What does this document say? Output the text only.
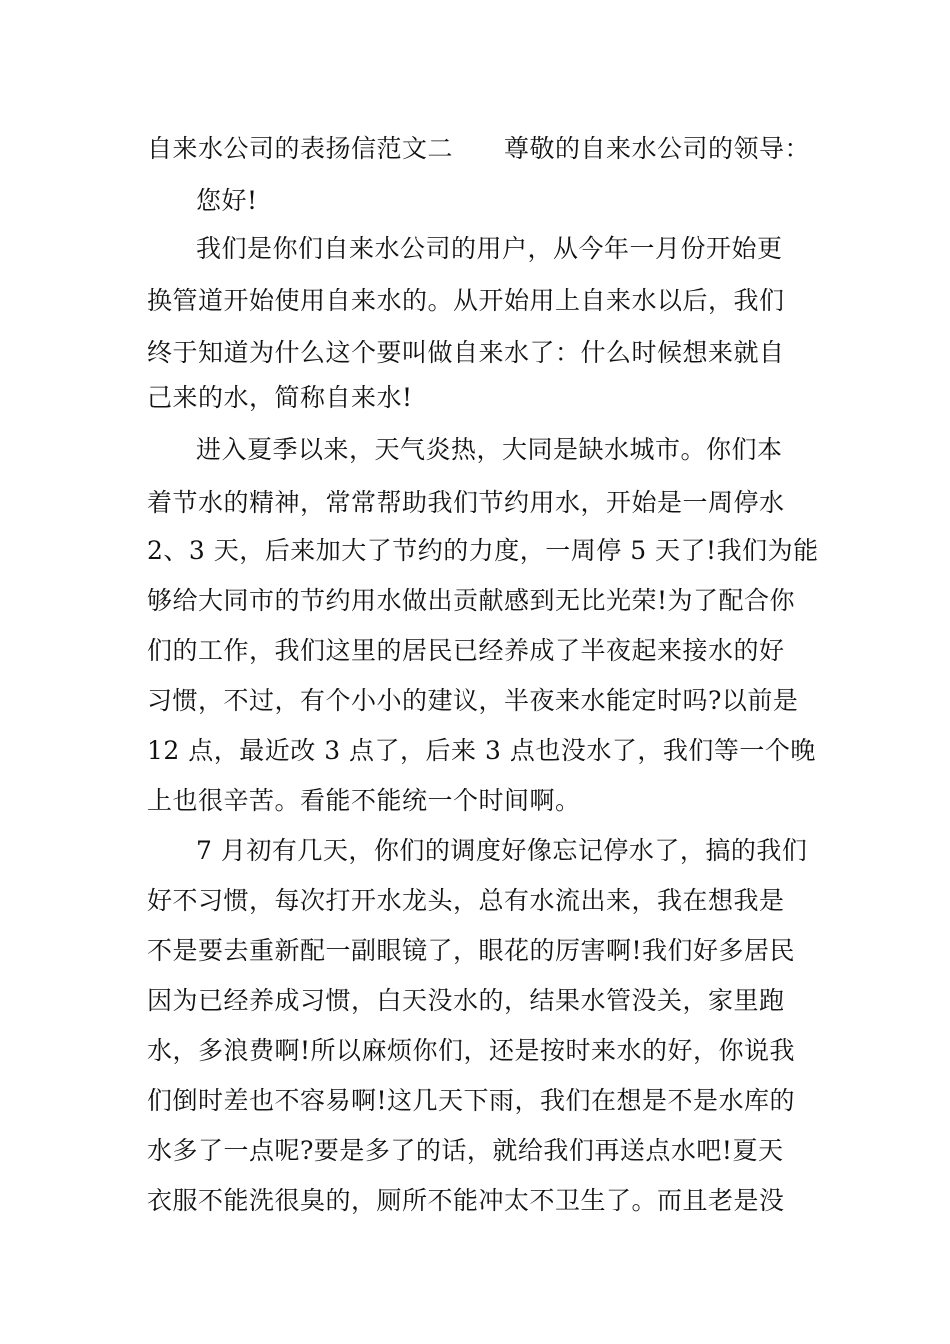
自来水公司的表扬信范文二　　尊敬的自来水公司的领导：
您好!
我们是你们自来水公司的用户，从今年一月份开始更
换管道开始使用自来水的。从开始用上自来水以后，我们
终于知道为什么这个要叫做自来水了：什么时候想来就自
己来的水，简称自来水!
进入夏季以来，天气炎热，大同是缺水城市。你们本
着节水的精神，常常帮助我们节约用水，开始是一周停水
2、3 天，后来加大了节约的力度，一周停 5 天了!我们为能
够给大同市的节约用水做出贡献感到无比光荣!为了配合你
们的工作，我们这里的居民已经养成了半夜起来接水的好
习惯，不过，有个小小的建议，半夜来水能定时吗?以前是
12 点，最近改 3 点了，后来 3 点也没水了，我们等一个晚
上也很辛苦。看能不能统一个时间啊。
7 月初有几天，你们的调度好像忘记停水了，搞的我们
好不习惯，每次打开水龙头，总有水流出来，我在想我是
不是要去重新配一副眼镜了，眼花的厉害啊!我们好多居民
因为已经养成习惯，白天没水的，结果水管没关，家里跑
水，多浪费啊!所以麻烦你们，还是按时来水的好，你说我
们倒时差也不容易啊!这几天下雨，我们在想是不是水库的
水多了一点呢?要是多了的话，就给我们再送点水吧!夏天
衣服不能洗很臭的，厕所不能冲太不卫生了。而且老是没
